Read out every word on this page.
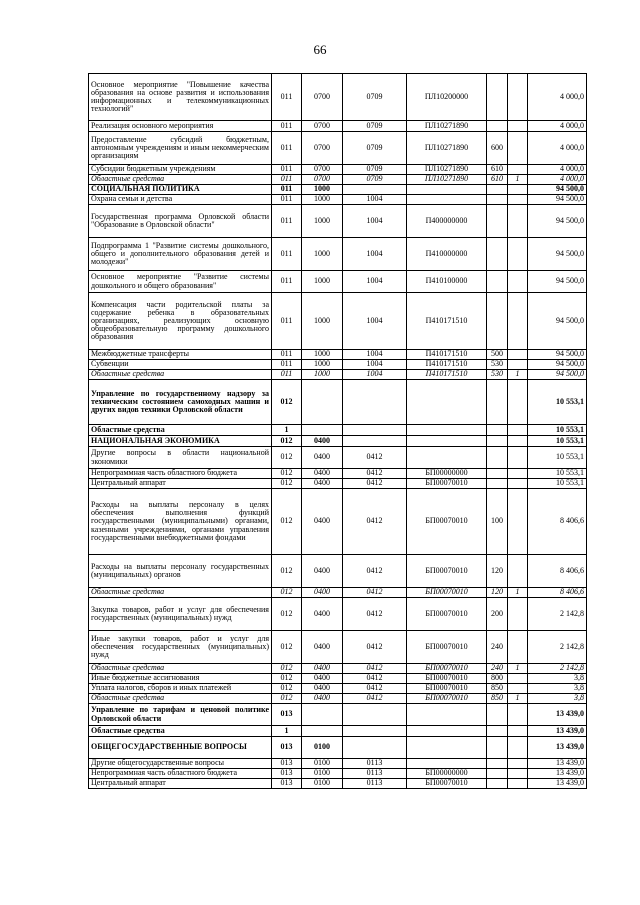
66
Основное мероприятие "Повышение качества образования на основе развития и использования информационных и телекоммуникационных технологий"	011	0700	0709	ПЛ10200000			4 000,0
Реализация основного мероприятия	011	0700	0709	ПЛ10271890			4 000,0
Предоставление субсидий бюджетным, автономным учреждениям и иным некоммерческим организациям	011	0700	0709	ПЛ10271890	600		4 000,0
Субсидии бюджетным учреждениям	011	0700	0709	ПЛ10271890	610		4 000,0
Областные средства	011	0700	0709	ПЛ10271890	610	1	4 000,0
СОЦИАЛЬНАЯ ПОЛИТИКА	011	1000					94 500,0
Охрана семьи и детства	011	1000	1004				94 500,0
Государственная программа Орловской области "Образование в Орловской области"	011	1000	1004	П400000000			94 500,0
Подпрограмма 1 "Развитие системы дошкольного, общего и дополнительного образования детей и молодежи"	011	1000	1004	П410000000			94 500,0
Основное мероприятие "Развитие системы дошкольного и общего образования"	011	1000	1004	П410100000			94 500,0
Компенсация части родительской платы за содержание ребенка в образовательных организациях, реализующих основную общеобразовательную программу дошкольного образования	011	1000	1004	П410171510			94 500,0
Межбюджетные трансферты	011	1000	1004	П410171510	500		94 500,0
Субвенции	011	1000	1004	П410171510	530		94 500,0
Областные средства	011	1000	1004	П410171510	530	1	94 500,0
Управление по государственному надзору за техническим состоянием самоходных машин и других видов техники Орловской области	012						10 553,1
Областные средства	1						10 553,1
НАЦИОНАЛЬНАЯ ЭКОНОМИКА	012	0400					10 553,1
Другие вопросы в области национальной экономики	012	0400	0412				10 553,1
Непрограммная часть областного бюджета	012	0400	0412	БП00000000			10 553,1
Центральный аппарат	012	0400	0412	БП00070010			10 553,1
Расходы на выплаты персоналу в целях обеспечения выполнения функций государственными (муниципальными) органами, казенными учреждениями, органами управления государственными внебюджетными фондами	012	0400	0412	БП00070010	100		8 406,6
Расходы на выплаты персоналу государственных (муниципальных) органов	012	0400	0412	БП00070010	120		8 406,6
Областные средства	012	0400	0412	БП00070010	120	1	8 406,6
Закупка товаров, работ и услуг для обеспечения государственных (муниципальных) нужд	012	0400	0412	БП00070010	200		2 142,8
Иные закупки товаров, работ и услуг для обеспечения государственных (муниципальных) нужд	012	0400	0412	БП00070010	240		2 142,8
Областные средства	012	0400	0412	БП00070010	240	1	2 142,8
Иные бюджетные ассигнования	012	0400	0412	БП00070010	800		3,8
Уплата налогов, сборов и иных платежей	012	0400	0412	БП00070010	850		3,8
Областные средства	012	0400	0412	БП00070010	850	1	3,8
Управление по тарифам и ценовой политике Орловской области	013						13 439,0
Областные средства	1						13 439,0
ОБЩЕГОСУДАРСТВЕННЫЕ ВОПРОСЫ	013	0100					13 439,0
Другие общегосударственные вопросы	013	0100	0113				13 439,0
Непрограммная часть областного бюджета	013	0100	0113	БП00000000			13 439,0
Центральный аппарат	013	0100	0113	БП00070010			13 439,0
